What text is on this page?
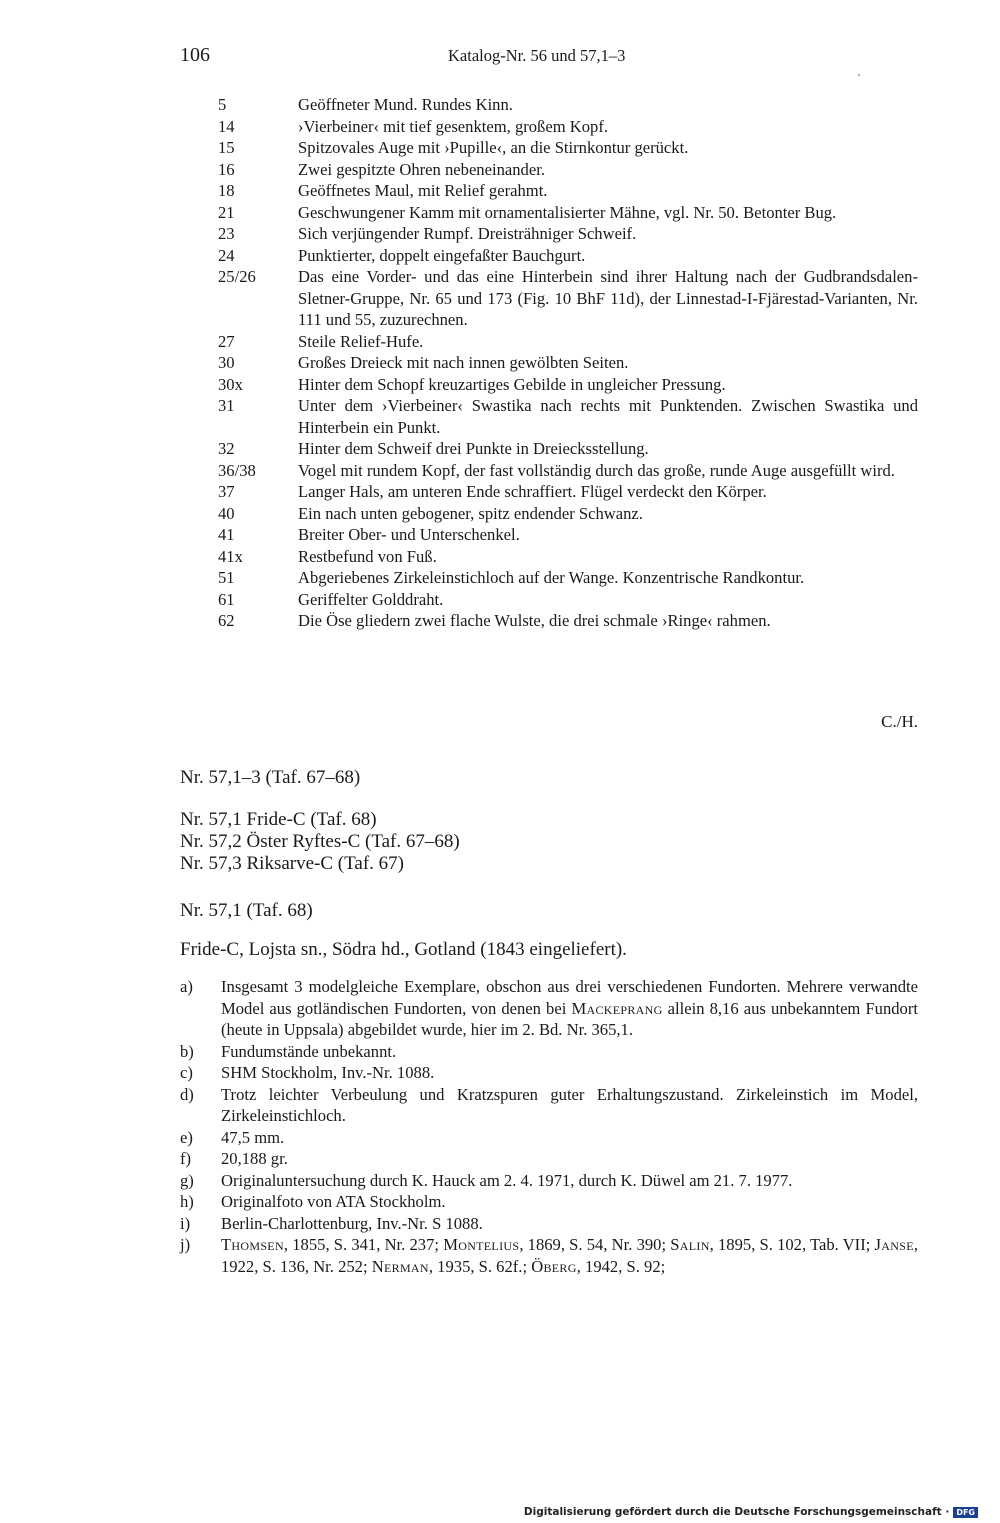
106	Katalog-Nr. 56 und 57,1–3
5	Geöffneter Mund. Rundes Kinn.
14	›Vierbeiner‹ mit tief gesenktem, großem Kopf.
15	Spitzovales Auge mit ›Pupille‹, an die Stirnkontur gerückt.
16	Zwei gespitzte Ohren nebeneinander.
18	Geöffnetes Maul, mit Relief gerahmt.
21	Geschwungener Kamm mit ornamentalisierter Mähne, vgl. Nr. 50. Betonter Bug.
23	Sich verjüngender Rumpf. Dreisträhniger Schweif.
24	Punktierter, doppelt eingefaßter Bauchgurt.
25/26	Das eine Vorder- und das eine Hinterbein sind ihrer Haltung nach der Gudbrandsdalen-Sletner-Gruppe, Nr. 65 und 173 (Fig. 10 BhF 11d), der Linnestad-I-Fjärestad-Varianten, Nr. 111 und 55, zuzurechnen.
27	Steile Relief-Hufe.
30	Großes Dreieck mit nach innen gewölbten Seiten.
30x	Hinter dem Schopf kreuzartiges Gebilde in ungleicher Pressung.
31	Unter dem ›Vierbeiner‹ Swastika nach rechts mit Punktenden. Zwischen Swastika und Hinterbein ein Punkt.
32	Hinter dem Schweif drei Punkte in Dreiecksstellung.
36/38	Vogel mit rundem Kopf, der fast vollständig durch das große, runde Auge ausgefüllt wird.
37	Langer Hals, am unteren Ende schraffiert. Flügel verdeckt den Körper.
40	Ein nach unten gebogener, spitz endender Schwanz.
41	Breiter Ober- und Unterschenkel.
41x	Restbefund von Fuß.
51	Abgeriebenes Zirkeleinstichloch auf der Wange. Konzentrische Randkontur.
61	Geriffelter Golddraht.
62	Die Öse gliedern zwei flache Wulste, die drei schmale ›Ringe‹ rahmen.
C./H.
Nr. 57,1–3 (Taf. 67–68)
Nr. 57,1 Fride-C (Taf. 68)
Nr. 57,2 Öster Ryftes-C (Taf. 67–68)
Nr. 57,3 Riksarve-C (Taf. 67)
Nr. 57,1 (Taf. 68)
Fride-C, Lojsta sn., Södra hd., Gotland (1843 eingeliefert).
a)	Insgesamt 3 modelgleiche Exemplare, obschon aus drei verschiedenen Fundorten. Mehrere verwandte Model aus gotländischen Fundorten, von denen bei Mackeprang allein 8,16 aus unbekanntem Fundort (heute in Uppsala) abgebildet wurde, hier im 2. Bd. Nr. 365,1.
b)	Fundumstände unbekannt.
c)	SHM Stockholm, Inv.-Nr. 1088.
d)	Trotz leichter Verbeulung und Kratzspuren guter Erhaltungszustand. Zirkeleinstich im Model, Zirkeleinstichloch.
e)	47,5 mm.
f)	20,188 gr.
g)	Originaluntersuchung durch K. Hauck am 2. 4. 1971, durch K. Düwel am 21. 7. 1977.
h)	Originalfoto von ATA Stockholm.
i)	Berlin-Charlottenburg, Inv.-Nr. S 1088.
j)	Thomsen, 1855, S. 341, Nr. 237; Montelius, 1869, S. 54, Nr. 390; Salin, 1895, S. 102, Tab. VII; Janse, 1922, S. 136, Nr. 252; Nerman, 1935, S. 62f.; Öberg, 1942, S. 92;
Digitalisierung gefördert durch die Deutsche Forschungsgemeinschaft · DFG
